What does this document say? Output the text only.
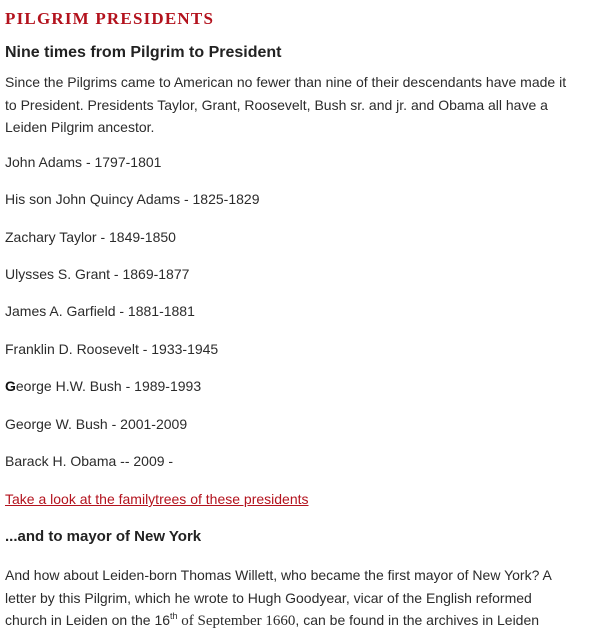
PILGRIM PRESIDENTS
Nine times from Pilgrim to President

Since the Pilgrims came to American no fewer than nine of their descendants have made it
to President. Presidents Taylor, Grant, Roosevelt, Bush sr. and jr. and Obama all have a
Leiden Pilgrim ancestor.

John Adams - 1797-1801

His son John Quincy Adams - 1825-1829

Zachary Taylor - 1849-1850

Ulysses S. Grant - 1869-1877

James A. Garfield - 1881-1881

Franklin D. Roosevelt - 1933-1945

George H.W. Bush - 1989-1993

George W. Bush - 2001-2009

Barack H. Obama -- 2009 -

Take a look at the familytrees of these presidents
...and to mayor of New York

And how about Leiden-born Thomas Willett, who became the first mayor of New York? A
letter by this Pilgrim, which he wrote to Hugh Goodyear, vicar of the English reformed
church in Leiden on the 16th of September 1660, can be found in the archives in Leiden
